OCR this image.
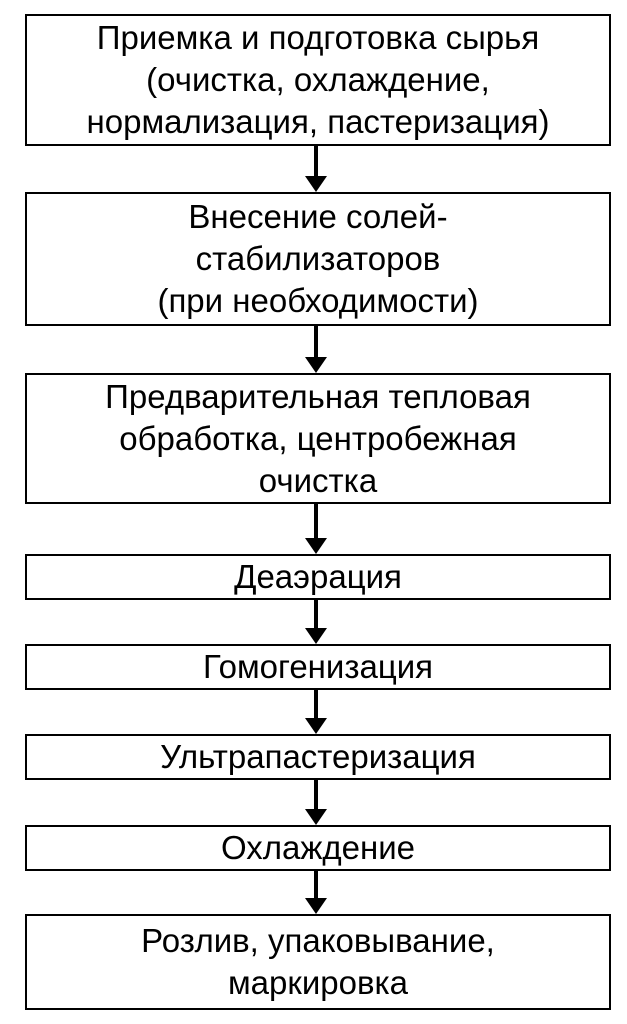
Приемка и подготовка сырья
(очистка, охлаждение,
нормализация, пастеризация)
Внесение солей-
стабилизаторов
(при необходимости)
Предварительная тепловая
обработка, центробежная
очистка
Деаэрация
Гомогенизация
Ультрапастеризация
Охлаждение
Розлив, упаковывание,
маркировка
